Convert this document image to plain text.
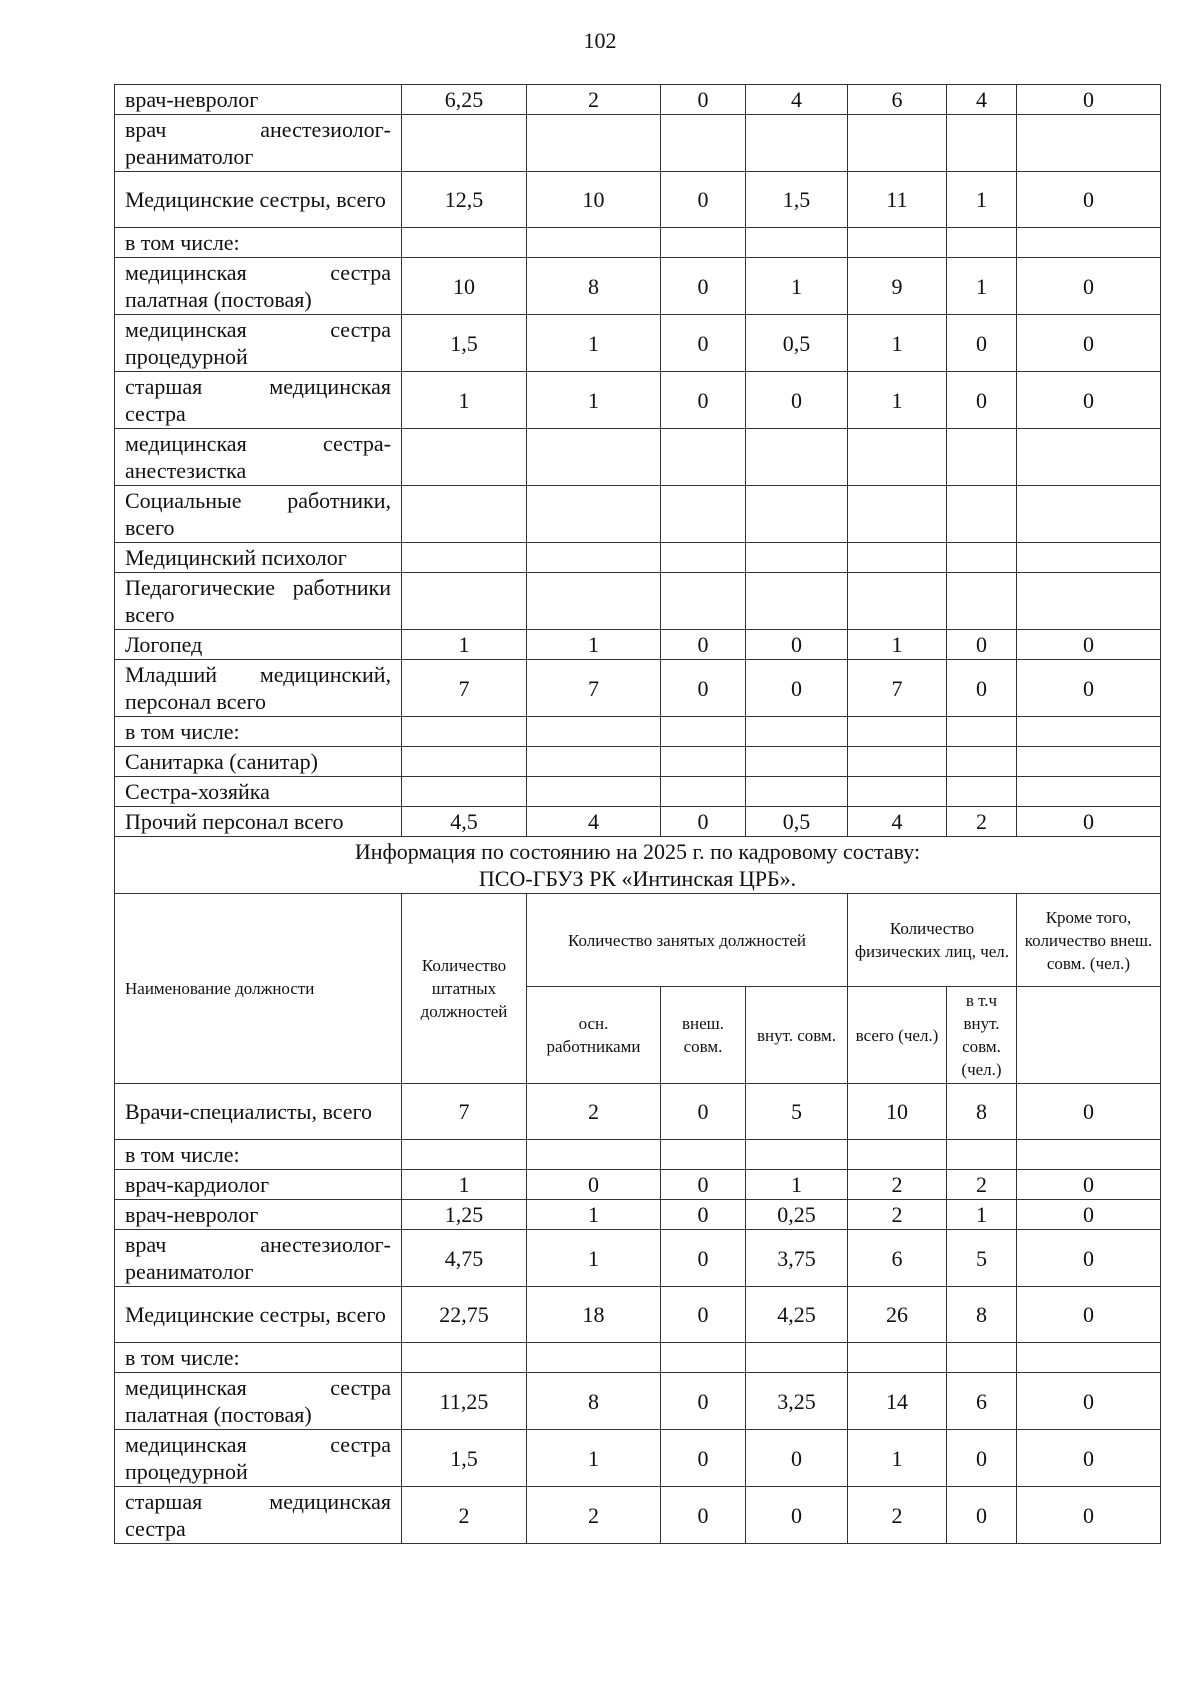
102
врач-невролог	6,25	2	0	4	6	4	0
врач анестезиолог-реаниматолог							
Медицинские сестры, всего	12,5	10	0	1,5	11	1	0
в том числе:							
медицинская сестра палатная (постовая)	10	8	0	1	9	1	0
медицинская сестра процедурной	1,5	1	0	0,5	1	0	0
старшая медицинская сестра	1	1	0	0	1	0	0
медицинская сестра-анестезистка							
Социальные работники, всего							
Медицинский психолог							
Педагогические работники всего							
Логопед	1	1	0	0	1	0	0
Младший медицинский, персонал всего	7	7	0	0	7	0	0
в том числе:							
Санитарка (санитар)							
Сестра-хозяйка							
Прочий персонал всего	4,5	4	0	0,5	4	2	0

Информация по состоянию на 2025 г. по кадровому составу:
ПСО-ГБУЗ РК «Интинская ЦРБ».							

Наименование должности	Количество штатных должностей	Количество занятых должностей			Количество физических лиц, чел.		Кроме того, количество внеш. совм. (чел.)
		осн. работниками	внеш. совм.	внут. совм.	всего (чел.)	в т.ч внут. совм. (чел.)	
Врачи-специалисты, всего	7	2	0	5	10	8	0
в том числе:							
врач-кардиолог	1	0	0	1	2	2	0
врач-невролог	1,25	1	0	0,25	2	1	0
врач анестезиолог-реаниматолог	4,75	1	0	3,75	6	5	0
Медицинские сестры, всего	22,75	18	0	4,25	26	8	0
в том числе:							
медицинская сестра палатная (постовая)	11,25	8	0	3,25	14	6	0
медицинская сестра процедурной	1,5	1	0	0	1	0	0
старшая медицинская сестра	2	2	0	0	2	0	0
